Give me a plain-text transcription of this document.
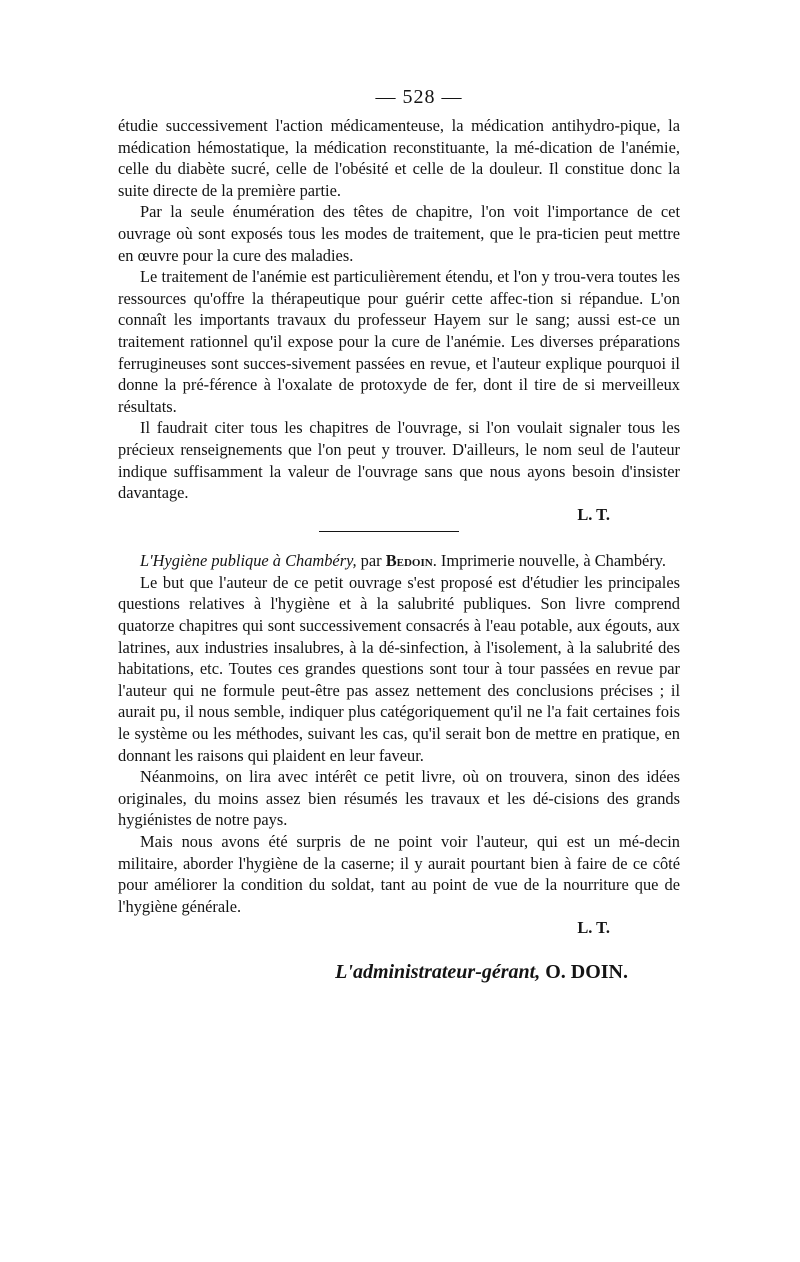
— 528 —

étudie successivement l'action médicamenteuse, la médication antihydro-pique, la médication hémostatique, la médication reconstituante, la mé-dication de l'anémie, celle du diabète sucré, celle de l'obésité et celle de la douleur. Il constitue donc la suite directe de la première partie.

Par la seule énumération des têtes de chapitre, l'on voit l'importance de cet ouvrage où sont exposés tous les modes de traitement, que le pra-ticien peut mettre en œuvre pour la cure des maladies.

Le traitement de l'anémie est particulièrement étendu, et l'on y trou-vera toutes les ressources qu'offre la thérapeutique pour guérir cette affec-tion si répandue. L'on connaît les importants travaux du professeur Hayem sur le sang; aussi est-ce un traitement rationnel qu'il expose pour la cure de l'anémie. Les diverses préparations ferrugineuses sont succes-sivement passées en revue, et l'auteur explique pourquoi il donne la pré-férence à l'oxalate de protoxyde de fer, dont il tire de si merveilleux résultats.

Il faudrait citer tous les chapitres de l'ouvrage, si l'on voulait signaler tous les précieux renseignements que l'on peut y trouver. D'ailleurs, le nom seul de l'auteur indique suffisamment la valeur de l'ouvrage sans que nous ayons besoin d'insister davantage.

L. T.

L'Hygiène publique à Chambéry, par Bedoin. Imprimerie nouvelle, à Chambéry.

Le but que l'auteur de ce petit ouvrage s'est proposé est d'étudier les principales questions relatives à l'hygiène et à la salubrité publiques. Son livre comprend quatorze chapitres qui sont successivement consacrés à l'eau potable, aux égouts, aux latrines, aux industries insalubres, à la dé-sinfection, à l'isolement, à la salubrité des habitations, etc. Toutes ces grandes questions sont tour à tour passées en revue par l'auteur qui ne formule peut-être pas assez nettement des conclusions précises ; il aurait pu, il nous semble, indiquer plus catégoriquement qu'il ne l'a fait certaines fois le système ou les méthodes, suivant les cas, qu'il serait bon de mettre en pratique, en donnant les raisons qui plaident en leur faveur.

Néanmoins, on lira avec intérêt ce petit livre, où on trouvera, sinon des idées originales, du moins assez bien résumés les travaux et les dé-cisions des grands hygiénistes de notre pays.

Mais nous avons été surpris de ne point voir l'auteur, qui est un mé-decin militaire, aborder l'hygiène de la caserne; il y aurait pourtant bien à faire de ce côté pour améliorer la condition du soldat, tant au point de vue de la nourriture que de l'hygiène générale.

L. T.
L'administrateur-gérant, O. DOIN.
